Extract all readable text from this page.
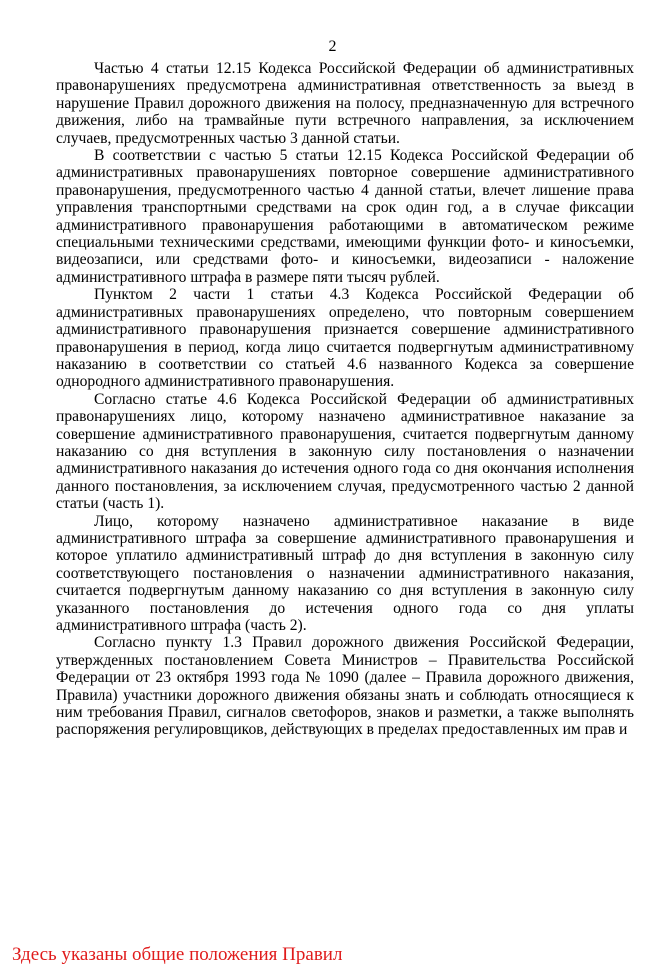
2

Частью 4 статьи 12.15 Кодекса Российской Федерации об административных правонарушениях предусмотрена административная ответственность за выезд в нарушение Правил дорожного движения на полосу, предназначенную для встречного движения, либо на трамвайные пути встречного направления, за исключением случаев, предусмотренных частью 3 данной статьи.

В соответствии с частью 5 статьи 12.15 Кодекса Российской Федерации об административных правонарушениях повторное совершение административного правонарушения, предусмотренного частью 4 данной статьи, влечет лишение права управления транспортными средствами на срок один год, а в случае фиксации административного правонарушения работающими в автоматическом режиме специальными техническими средствами, имеющими функции фото- и киносъемки, видеозаписи, или средствами фото- и киносъемки, видеозаписи - наложение административного штрафа в размере пяти тысяч рублей.

Пунктом 2 части 1 статьи 4.3 Кодекса Российской Федерации об административных правонарушениях определено, что повторным совершением административного правонарушения признается совершение административного правонарушения в период, когда лицо считается подвергнутым административному наказанию в соответствии со статьей 4.6 названного Кодекса за совершение однородного административного правонарушения.

Согласно статье 4.6 Кодекса Российской Федерации об административных правонарушениях лицо, которому назначено административное наказание за совершение административного правонарушения, считается подвергнутым данному наказанию со дня вступления в законную силу постановления о назначении административного наказания до истечения одного года со дня окончания исполнения данного постановления, за исключением случая, предусмотренного частью 2 данной статьи (часть 1).

Лицо, которому назначено административное наказание в виде административного штрафа за совершение административного правонарушения и которое уплатило административный штраф до дня вступления в законную силу соответствующего постановления о назначении административного наказания, считается подвергнутым данному наказанию со дня вступления в законную силу указанного постановления до истечения одного года со дня уплаты административного штрафа (часть 2).

Согласно пункту 1.3 Правил дорожного движения Российской Федерации, утвержденных постановлением Совета Министров – Правительства Российской Федерации от 23 октября 1993 года № 1090 (далее – Правила дорожного движения, Правила) участники дорожного движения обязаны знать и соблюдать относящиеся к ним требования Правил, сигналов светофоров, знаков и разметки, а также выполнять распоряжения регулировщиков, действующих в пределах предоставленных им прав и

Здесь указаны общие положения Правил
